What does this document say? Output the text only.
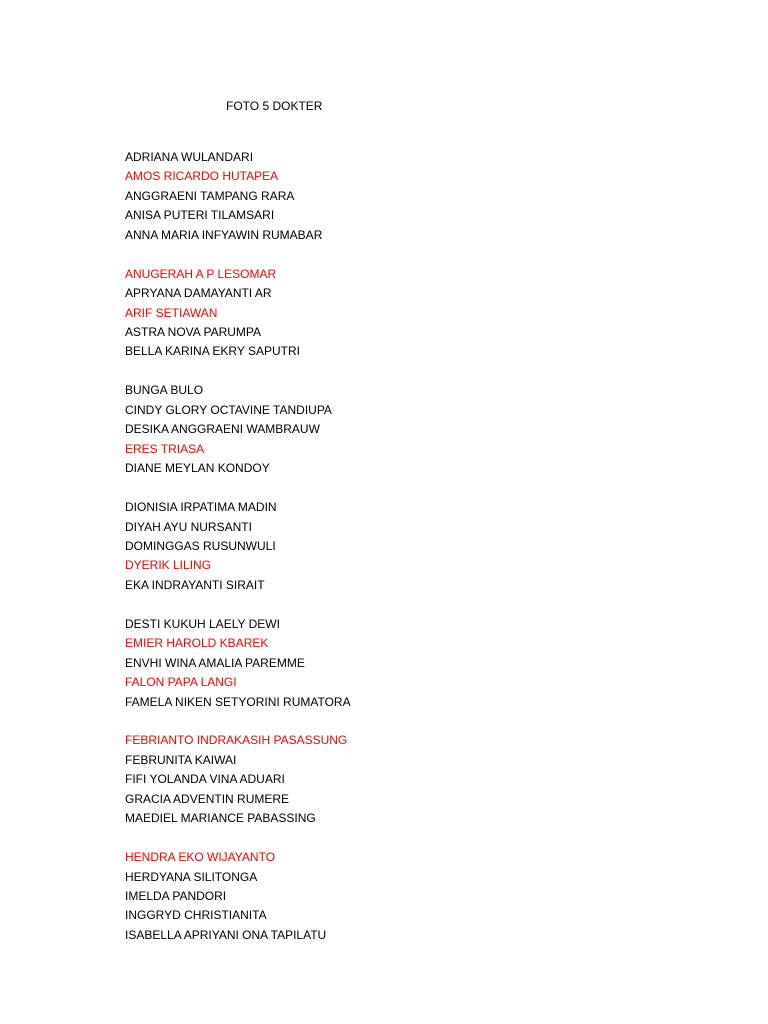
FOTO 5 DOKTER
ADRIANA WULANDARI
AMOS RICARDO HUTAPEA
ANGGRAENI TAMPANG RARA
ANISA PUTERI TILAMSARI
ANNA MARIA INFYAWIN RUMABAR
ANUGERAH A P LESOMAR
APRYANA DAMAYANTI AR
ARIF SETIAWAN
ASTRA NOVA PARUMPA
BELLA KARINA EKRY SAPUTRI
BUNGA BULO
CINDY GLORY OCTAVINE TANDIUPA
DESIKA ANGGRAENI WAMBRAUW
ERES TRIASA
DIANE MEYLAN KONDOY
DIONISIA IRPATIMA MADIN
DIYAH AYU NURSANTI
DOMINGGAS RUSUNWULI
DYERIK LILING
EKA INDRAYANTI SIRAIT
DESTI KUKUH LAELY DEWI
EMIER HAROLD KBAREK
ENVHI WINA AMALIA PAREMME
FALON PAPA LANGI
FAMELA NIKEN SETYORINI RUMATORA
FEBRIANTO INDRAKASIH PASASSUNG
FEBRUNITA KAIWAI
FIFI YOLANDA VINA ADUARI
GRACIA ADVENTIN RUMERE
MAEDIEL MARIANCE PABASSING
HENDRA EKO WIJAYANTO
HERDYANA SILITONGA
IMELDA PANDORI
INGGRYD CHRISTIANITA
ISABELLA APRIYANI ONA TAPILATU
